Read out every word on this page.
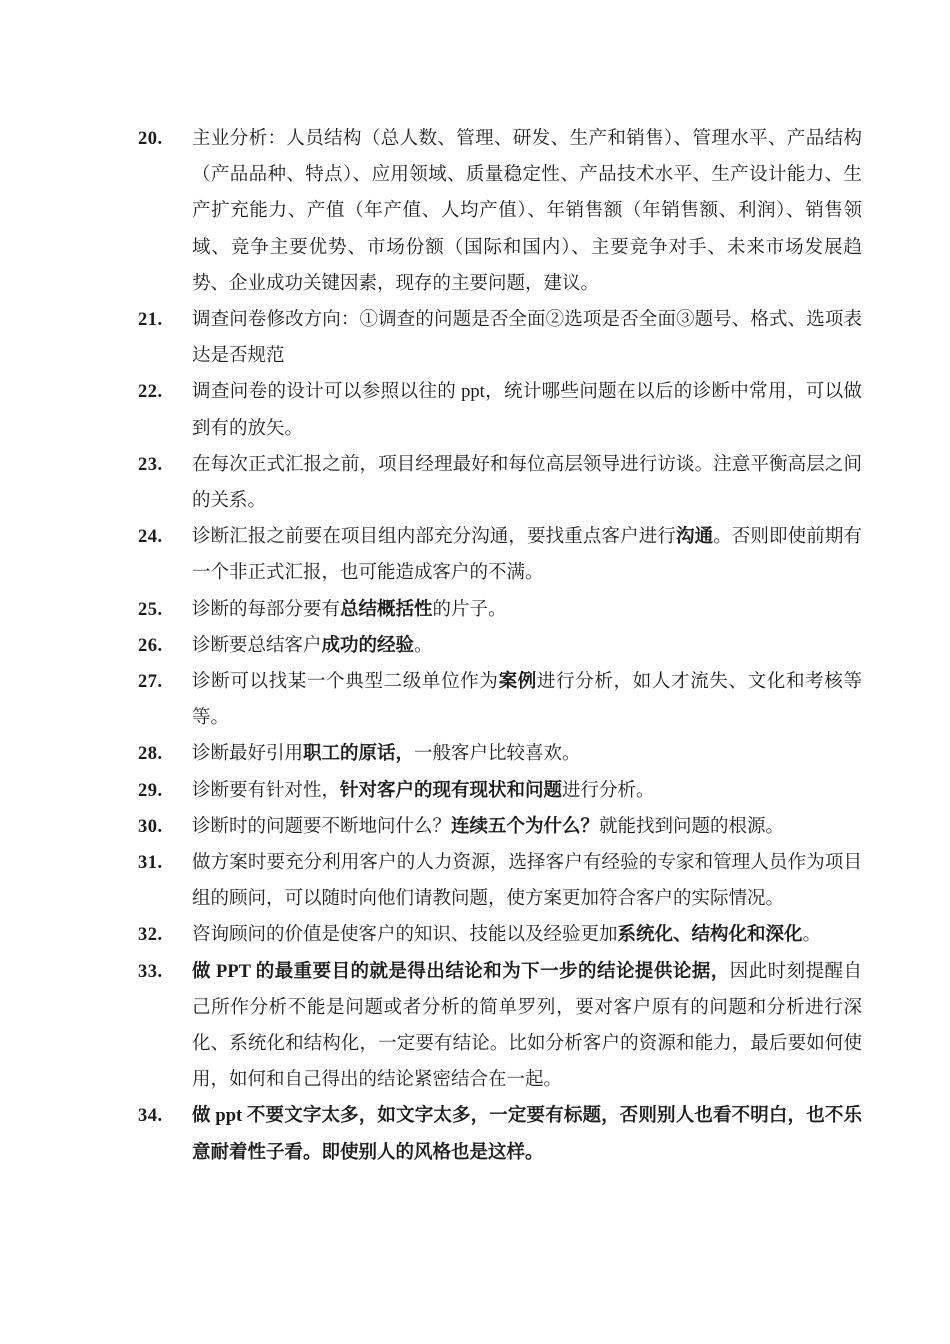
20.	主业分析：人员结构（总人数、管理、研发、生产和销售）、管理水平、产品结构（产品品种、特点）、应用领域、质量稳定性、产品技术水平、生产设计能力、生产扩充能力、产值（年产值、人均产值）、年销售额（年销售额、利润）、销售领域、竞争主要优势、市场份额（国际和国内）、主要竞争对手、未来市场发展趋势、企业成功关键因素，现存的主要问题，建议。
21.	调查问卷修改方向：①调查的问题是否全面②选项是否全面③题号、格式、选项表达是否规范
22.	调查问卷的设计可以参照以往的 ppt，统计哪些问题在以后的诊断中常用，可以做到有的放矢。
23.	在每次正式汇报之前，项目经理最好和每位高层领导进行访谈。注意平衡高层之间的关系。
24.	诊断汇报之前要在项目组内部充分沟通，要找重点客户进行沟通。否则即使前期有一个非正式汇报，也可能造成客户的不满。
25.	诊断的每部分要有总结概括性的片子。
26.	诊断要总结客户成功的经验。
27.	诊断可以找某一个典型二级单位作为案例进行分析，如人才流失、文化和考核等等。
28.	诊断最好引用职工的原话，一般客户比较喜欢。
29.	诊断要有针对性，针对客户的现有现状和问题进行分析。
30.	诊断时的问题要不断地问什么？连续五个为什么？就能找到问题的根源。
31.	做方案时要充分利用客户的人力资源，选择客户有经验的专家和管理人员作为项目组的顾问，可以随时向他们请教问题，使方案更加符合客户的实际情况。
32.	咨询顾问的价值是使客户的知识、技能以及经验更加系统化、结构化和深化。
33.	做 PPT 的最重要目的就是得出结论和为下一步的结论提供论据，因此时刻提醒自己所作分析不能是问题或者分析的简单罗列，要对客户原有的问题和分析进行深化、系统化和结构化，一定要有结论。比如分析客户的资源和能力，最后要如何使用，如何和自己得出的结论紧密结合在一起。
34.	做 ppt 不要文字太多，如文字太多，一定要有标题，否则别人也看不明白，也不乐意耐着性子看。即使别人的风格也是这样。
